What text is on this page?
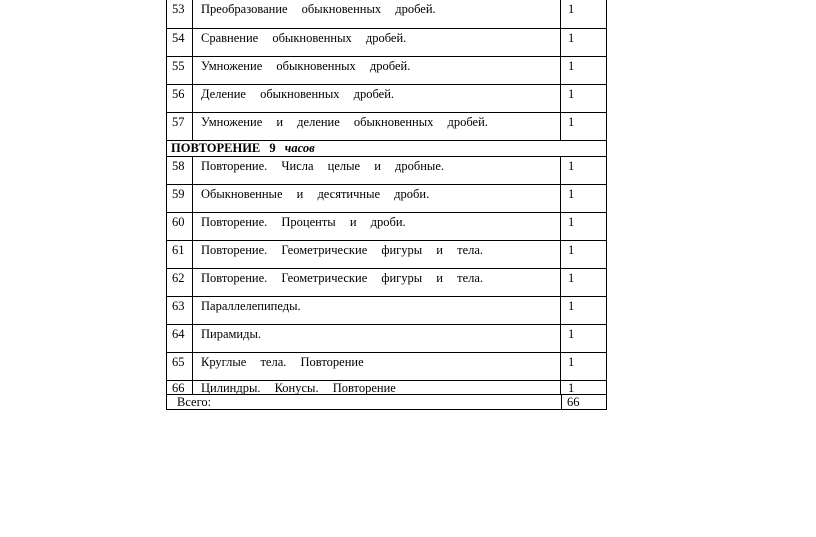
53	Преобразование обыкновенных дробей.	1
54	Сравнение обыкновенных дробей.	1
55	Умножение обыкновенных дробей.	1
56	Деление обыкновенных дробей.	1
57	Умножение и деление обыкновенных дробей.	1
ПОВТОРЕНИЕ 9 часов
58	Повторение. Числа целые и дробные.	1
59	Обыкновенные и десятичные дроби.	1
60	Повторение. Проценты и дроби.	1
61	Повторение. Геометрические фигуры и тела.	1
62	Повторение. Геометрические фигуры и тела.	1
63	Параллелепипеды.	1
64	Пирамиды.	1
65	Круглые тела. Повторение	1
66	Цилиндры. Конусы. Повторение	1
Всего:	66
